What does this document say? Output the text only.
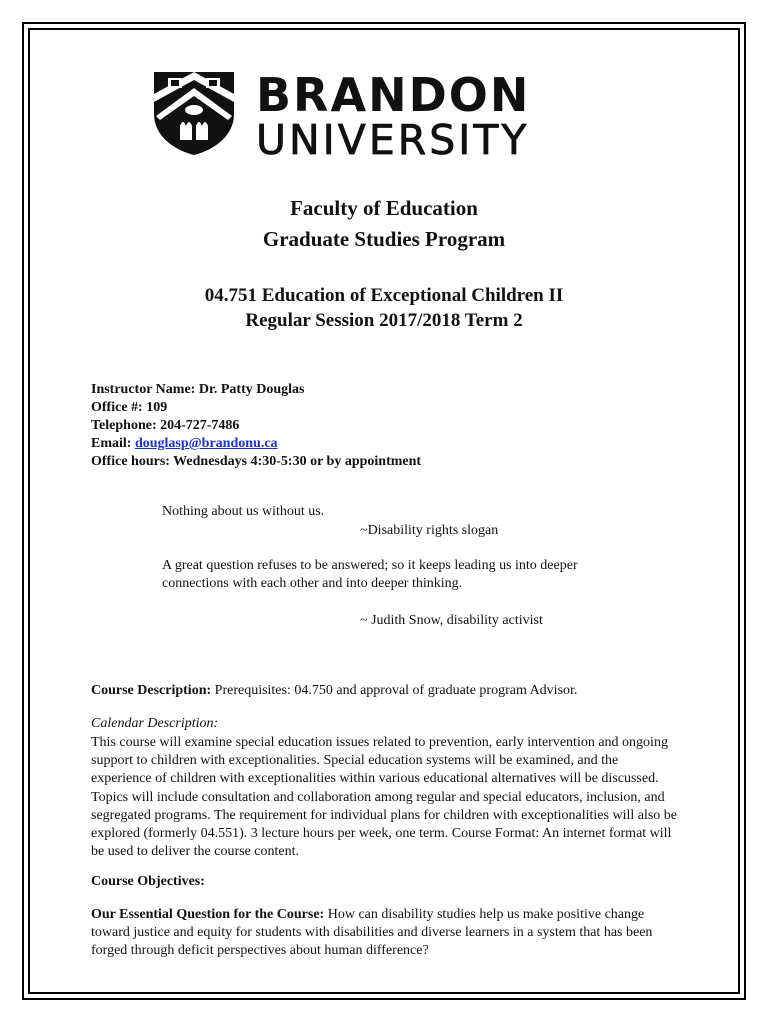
BRANDON
UNIVERSITY
Faculty of Education
Graduate Studies Program
04.751 Education of Exceptional Children II
Regular Session 2017/2018 Term 2
Instructor Name: Dr. Patty Douglas
Office #: 109
Telephone: 204-727-7486
Email: douglasp@brandonu.ca
Office hours: Wednesdays 4:30-5:30 or by appointment
Nothing about us without us.
~Disability rights slogan
A great question refuses to be answered; so it keeps leading us into deeper connections with each other and into deeper thinking.
~ Judith Snow, disability activist
Course Description: Prerequisites: 04.750 and approval of graduate program Advisor.
Calendar Description:
This course will examine special education issues related to prevention, early intervention and ongoing support to children with exceptionalities. Special education systems will be examined, and the experience of children with exceptionalities within various educational alternatives will be discussed. Topics will include consultation and collaboration among regular and special educators, inclusion, and segregated programs. The requirement for individual plans for children with exceptionalities will also be explored (formerly 04.551). 3 lecture hours per week, one term. Course Format: An internet format will be used to deliver the course content.
Course Objectives:
Our Essential Question for the Course: How can disability studies help us make positive change toward justice and equity for students with disabilities and diverse learners in a system that has been forged through deficit perspectives about human difference?
